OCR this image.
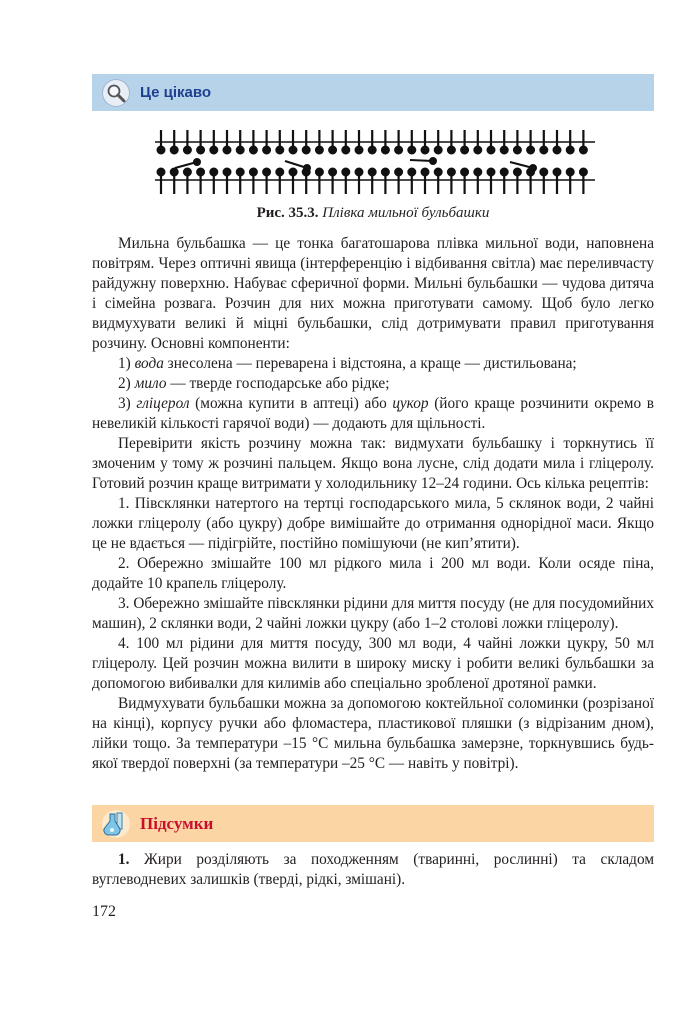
Це цікаво
Рис. 35.3. Плівка мильної бульбашки

Мильна бульбашка — це тонка багатошарова плівка мильної води, наповнена повітрям. Через оптичні явища (інтерференцію і відбивання світла) має переливчасту райдужну поверхню. Набуває сферичної форми. Мильні бульбашки — чудова дитяча і сімейна розвага. Розчин для них можна приготувати самому. Щоб було легко видмухувати великі й міцні бульбашки, слід дотримувати правил приготування розчину. Основні компоненти:

1) вода знесолена — переварена і відстояна, а краще — дистильована;

2) мило — тверде господарське або рідке;

3) гліцерол (можна купити в аптеці) або цукор (його краще розчинити окремо в невеликій кількості гарячої води) — додають для щільності.

Перевірити якість розчину можна так: видмухати бульбашку і торкнутись її змоченим у тому ж розчині пальцем. Якщо вона лусне, слід додати мила і гліцеролу. Готовий розчин краще витримати у холодильнику 12–24 години. Ось кілька рецептів:

1. Півсклянки натертого на тертці господарського мила, 5 склянок води, 2 чайні ложки гліцеролу (або цукру) добре вимішайте до отримання однорідної маси. Якщо це не вдається — підігрійте, постійно помішуючи (не кип’ятити).

2. Обережно змішайте 100 мл рідкого мила і 200 мл води. Коли осяде піна, додайте 10 крапель гліцеролу.

3. Обережно змішайте півсклянки рідини для миття посуду (не для посудомийних машин), 2 склянки води, 2 чайні ложки цукру (або 1–2 столові ложки гліцеролу).

4. 100 мл рідини для миття посуду, 300 мл води, 4 чайні ложки цукру, 50 мл гліцеролу. Цей розчин можна вилити в широку миску і робити великі бульбашки за допомогою вибивалки для килимів або спеціально зробленої дротяної рамки.

Видмухувати бульбашки можна за допомогою коктейльної соломинки (розрізаної на кінці), корпусу ручки або фломастера, пластикової пляшки (з відрізаним дном), лійки тощо. За температури –15 °С мильна бульбашка замерзне, торкнувшись будь-якої твердої поверхні (за температури –25 °С — навіть у повітрі).

Підсумки

1. Жири розділяють за походженням (тваринні, рослинні) та складом вуглеводневих залишків (тверді, рідкі, змішані).

172
